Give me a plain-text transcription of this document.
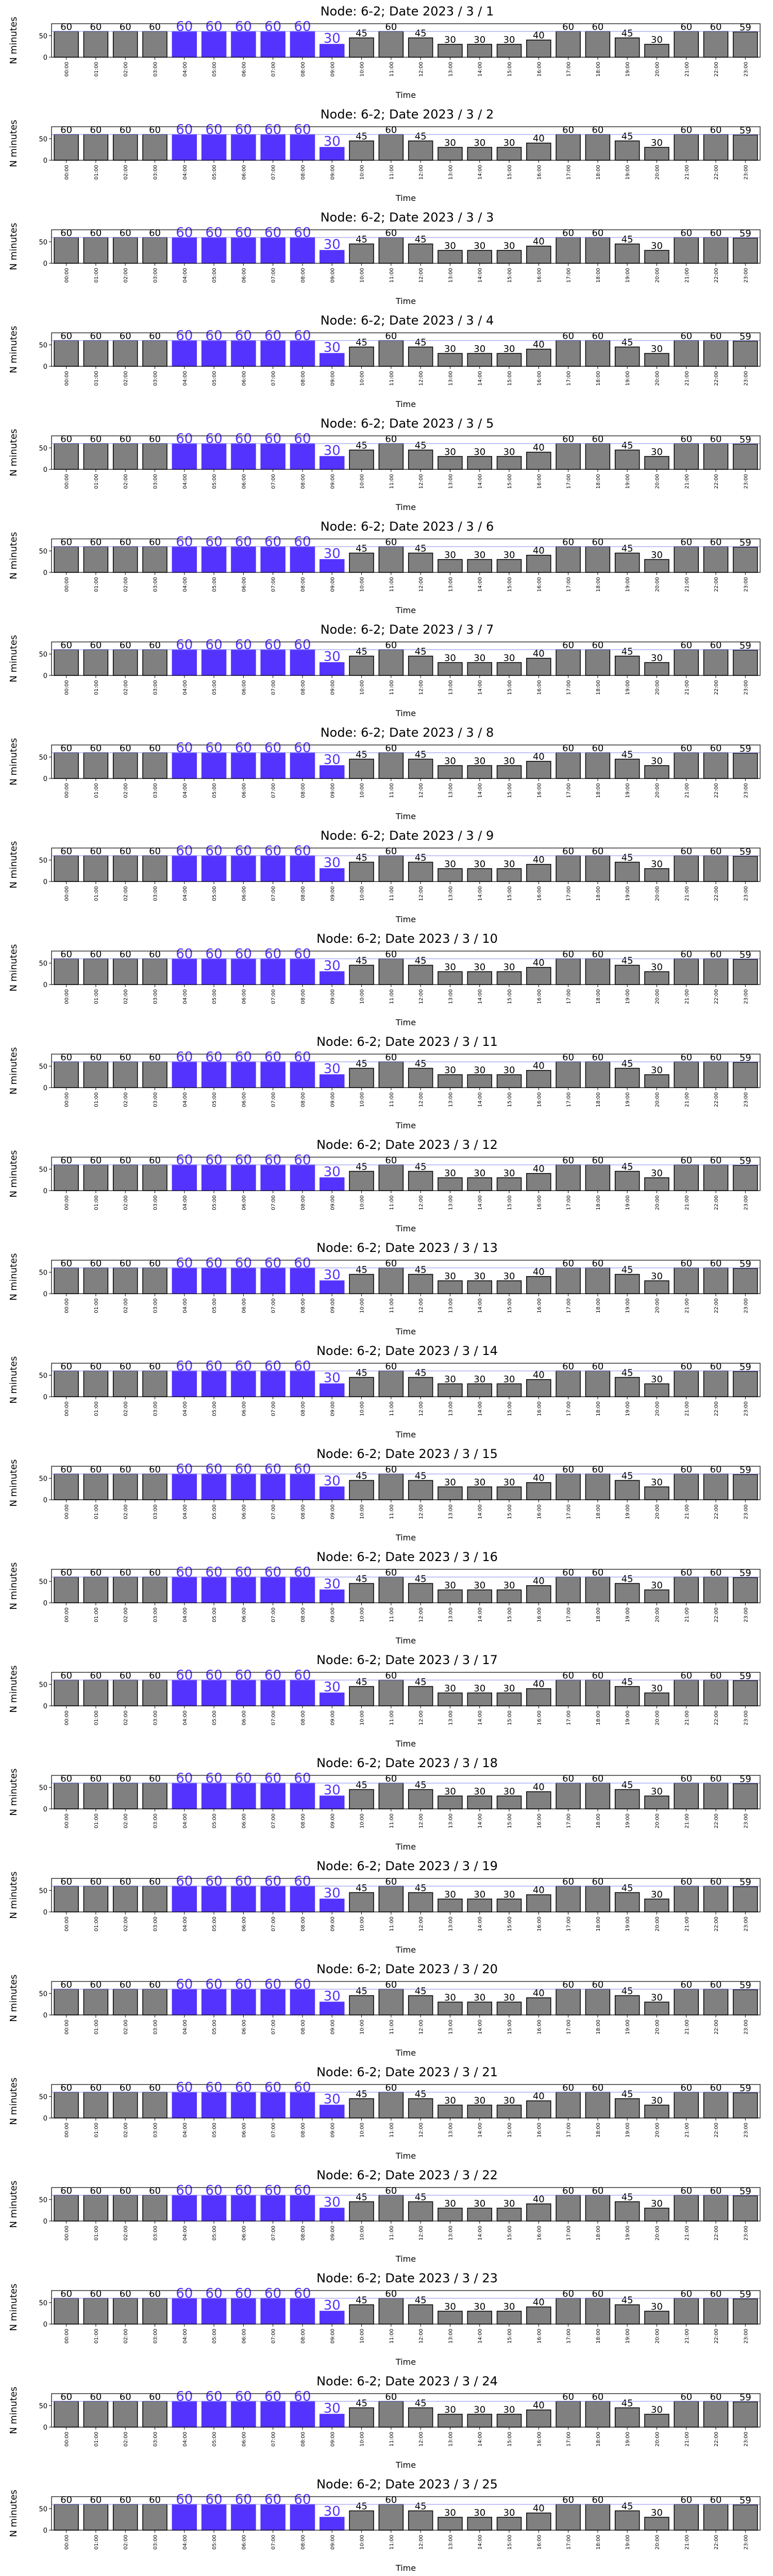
Node: 6-2; Date 2023 / 3 / 1
N minutes	0
50
60
00:00
60
01:00
60
02:00
60
03:00
60
04:00
60
05:00
60
06:00
60
07:00
60
08:00
30
09:00
45
10:00
60
11:00
45
12:00
30
13:00
30
14:00
30
15:00
40
16:00
60
17:00
60
18:00
45
19:00
30
20:00
60
21:00
60
22:00
59
23:00
Time
Node: 6-2; Date 2023 / 3 / 2
N minutes	0
50
60
00:00
60
01:00
60
02:00
60
03:00
60
04:00
60
05:00
60
06:00
60
07:00
60
08:00
30
09:00
45
10:00
60
11:00
45
12:00
30
13:00
30
14:00
30
15:00
40
16:00
60
17:00
60
18:00
45
19:00
30
20:00
60
21:00
60
22:00
59
23:00
Time
Node: 6-2; Date 2023 / 3 / 3
N minutes	0
50
60
00:00
60
01:00
60
02:00
60
03:00
60
04:00
60
05:00
60
06:00
60
07:00
60
08:00
30
09:00
45
10:00
60
11:00
45
12:00
30
13:00
30
14:00
30
15:00
40
16:00
60
17:00
60
18:00
45
19:00
30
20:00
60
21:00
60
22:00
59
23:00
Time
Node: 6-2; Date 2023 / 3 / 4
N minutes	0
50
60
00:00
60
01:00
60
02:00
60
03:00
60
04:00
60
05:00
60
06:00
60
07:00
60
08:00
30
09:00
45
10:00
60
11:00
45
12:00
30
13:00
30
14:00
30
15:00
40
16:00
60
17:00
60
18:00
45
19:00
30
20:00
60
21:00
60
22:00
59
23:00
Time
Node: 6-2; Date 2023 / 3 / 5
N minutes	0
50
60
00:00
60
01:00
60
02:00
60
03:00
60
04:00
60
05:00
60
06:00
60
07:00
60
08:00
30
09:00
45
10:00
60
11:00
45
12:00
30
13:00
30
14:00
30
15:00
40
16:00
60
17:00
60
18:00
45
19:00
30
20:00
60
21:00
60
22:00
59
23:00
Time
Node: 6-2; Date 2023 / 3 / 6
N minutes	0
50
60
00:00
60
01:00
60
02:00
60
03:00
60
04:00
60
05:00
60
06:00
60
07:00
60
08:00
30
09:00
45
10:00
60
11:00
45
12:00
30
13:00
30
14:00
30
15:00
40
16:00
60
17:00
60
18:00
45
19:00
30
20:00
60
21:00
60
22:00
59
23:00
Time
Node: 6-2; Date 2023 / 3 / 7
N minutes	0
50
60
00:00
60
01:00
60
02:00
60
03:00
60
04:00
60
05:00
60
06:00
60
07:00
60
08:00
30
09:00
45
10:00
60
11:00
45
12:00
30
13:00
30
14:00
30
15:00
40
16:00
60
17:00
60
18:00
45
19:00
30
20:00
60
21:00
60
22:00
59
23:00
Time
Node: 6-2; Date 2023 / 3 / 8
N minutes	0
50
60
00:00
60
01:00
60
02:00
60
03:00
60
04:00
60
05:00
60
06:00
60
07:00
60
08:00
30
09:00
45
10:00
60
11:00
45
12:00
30
13:00
30
14:00
30
15:00
40
16:00
60
17:00
60
18:00
45
19:00
30
20:00
60
21:00
60
22:00
59
23:00
Time
Node: 6-2; Date 2023 / 3 / 9
N minutes	0
50
60
00:00
60
01:00
60
02:00
60
03:00
60
04:00
60
05:00
60
06:00
60
07:00
60
08:00
30
09:00
45
10:00
60
11:00
45
12:00
30
13:00
30
14:00
30
15:00
40
16:00
60
17:00
60
18:00
45
19:00
30
20:00
60
21:00
60
22:00
59
23:00
Time
Node: 6-2; Date 2023 / 3 / 10
N minutes	0
50
60
00:00
60
01:00
60
02:00
60
03:00
60
04:00
60
05:00
60
06:00
60
07:00
60
08:00
30
09:00
45
10:00
60
11:00
45
12:00
30
13:00
30
14:00
30
15:00
40
16:00
60
17:00
60
18:00
45
19:00
30
20:00
60
21:00
60
22:00
59
23:00
Time
Node: 6-2; Date 2023 / 3 / 11
N minutes	0
50
60
00:00
60
01:00
60
02:00
60
03:00
60
04:00
60
05:00
60
06:00
60
07:00
60
08:00
30
09:00
45
10:00
60
11:00
45
12:00
30
13:00
30
14:00
30
15:00
40
16:00
60
17:00
60
18:00
45
19:00
30
20:00
60
21:00
60
22:00
59
23:00
Time
Node: 6-2; Date 2023 / 3 / 12
N minutes	0
50
60
00:00
60
01:00
60
02:00
60
03:00
60
04:00
60
05:00
60
06:00
60
07:00
60
08:00
30
09:00
45
10:00
60
11:00
45
12:00
30
13:00
30
14:00
30
15:00
40
16:00
60
17:00
60
18:00
45
19:00
30
20:00
60
21:00
60
22:00
59
23:00
Time
Node: 6-2; Date 2023 / 3 / 13
N minutes	0
50
60
00:00
60
01:00
60
02:00
60
03:00
60
04:00
60
05:00
60
06:00
60
07:00
60
08:00
30
09:00
45
10:00
60
11:00
45
12:00
30
13:00
30
14:00
30
15:00
40
16:00
60
17:00
60
18:00
45
19:00
30
20:00
60
21:00
60
22:00
59
23:00
Time
Node: 6-2; Date 2023 / 3 / 14
N minutes	0
50
60
00:00
60
01:00
60
02:00
60
03:00
60
04:00
60
05:00
60
06:00
60
07:00
60
08:00
30
09:00
45
10:00
60
11:00
45
12:00
30
13:00
30
14:00
30
15:00
40
16:00
60
17:00
60
18:00
45
19:00
30
20:00
60
21:00
60
22:00
59
23:00
Time
Node: 6-2; Date 2023 / 3 / 15
N minutes	0
50
60
00:00
60
01:00
60
02:00
60
03:00
60
04:00
60
05:00
60
06:00
60
07:00
60
08:00
30
09:00
45
10:00
60
11:00
45
12:00
30
13:00
30
14:00
30
15:00
40
16:00
60
17:00
60
18:00
45
19:00
30
20:00
60
21:00
60
22:00
59
23:00
Time
Node: 6-2; Date 2023 / 3 / 16
N minutes	0
50
60
00:00
60
01:00
60
02:00
60
03:00
60
04:00
60
05:00
60
06:00
60
07:00
60
08:00
30
09:00
45
10:00
60
11:00
45
12:00
30
13:00
30
14:00
30
15:00
40
16:00
60
17:00
60
18:00
45
19:00
30
20:00
60
21:00
60
22:00
59
23:00
Time
Node: 6-2; Date 2023 / 3 / 17
N minutes	0
50
60
00:00
60
01:00
60
02:00
60
03:00
60
04:00
60
05:00
60
06:00
60
07:00
60
08:00
30
09:00
45
10:00
60
11:00
45
12:00
30
13:00
30
14:00
30
15:00
40
16:00
60
17:00
60
18:00
45
19:00
30
20:00
60
21:00
60
22:00
59
23:00
Time
Node: 6-2; Date 2023 / 3 / 18
N minutes	0
50
60
00:00
60
01:00
60
02:00
60
03:00
60
04:00
60
05:00
60
06:00
60
07:00
60
08:00
30
09:00
45
10:00
60
11:00
45
12:00
30
13:00
30
14:00
30
15:00
40
16:00
60
17:00
60
18:00
45
19:00
30
20:00
60
21:00
60
22:00
59
23:00
Time
Node: 6-2; Date 2023 / 3 / 19
N minutes	0
50
60
00:00
60
01:00
60
02:00
60
03:00
60
04:00
60
05:00
60
06:00
60
07:00
60
08:00
30
09:00
45
10:00
60
11:00
45
12:00
30
13:00
30
14:00
30
15:00
40
16:00
60
17:00
60
18:00
45
19:00
30
20:00
60
21:00
60
22:00
59
23:00
Time
Node: 6-2; Date 2023 / 3 / 20
N minutes	0
50
60
00:00
60
01:00
60
02:00
60
03:00
60
04:00
60
05:00
60
06:00
60
07:00
60
08:00
30
09:00
45
10:00
60
11:00
45
12:00
30
13:00
30
14:00
30
15:00
40
16:00
60
17:00
60
18:00
45
19:00
30
20:00
60
21:00
60
22:00
59
23:00
Time
Node: 6-2; Date 2023 / 3 / 21
N minutes	0
50
60
00:00
60
01:00
60
02:00
60
03:00
60
04:00
60
05:00
60
06:00
60
07:00
60
08:00
30
09:00
45
10:00
60
11:00
45
12:00
30
13:00
30
14:00
30
15:00
40
16:00
60
17:00
60
18:00
45
19:00
30
20:00
60
21:00
60
22:00
59
23:00
Time
Node: 6-2; Date 2023 / 3 / 22
N minutes	0
50
60
00:00
60
01:00
60
02:00
60
03:00
60
04:00
60
05:00
60
06:00
60
07:00
60
08:00
30
09:00
45
10:00
60
11:00
45
12:00
30
13:00
30
14:00
30
15:00
40
16:00
60
17:00
60
18:00
45
19:00
30
20:00
60
21:00
60
22:00
59
23:00
Time
Node: 6-2; Date 2023 / 3 / 23
N minutes	0
50
60
00:00
60
01:00
60
02:00
60
03:00
60
04:00
60
05:00
60
06:00
60
07:00
60
08:00
30
09:00
45
10:00
60
11:00
45
12:00
30
13:00
30
14:00
30
15:00
40
16:00
60
17:00
60
18:00
45
19:00
30
20:00
60
21:00
60
22:00
59
23:00
Time
Node: 6-2; Date 2023 / 3 / 24
N minutes	0
50
60
00:00
60
01:00
60
02:00
60
03:00
60
04:00
60
05:00
60
06:00
60
07:00
60
08:00
30
09:00
45
10:00
60
11:00
45
12:00
30
13:00
30
14:00
30
15:00
40
16:00
60
17:00
60
18:00
45
19:00
30
20:00
60
21:00
60
22:00
59
23:00
Time
Node: 6-2; Date 2023 / 3 / 25
N minutes	0
50
60
00:00
60
01:00
60
02:00
60
03:00
60
04:00
60
05:00
60
06:00
60
07:00
60
08:00
30
09:00
45
10:00
60
11:00
45
12:00
30
13:00
30
14:00
30
15:00
40
16:00
60
17:00
60
18:00
45
19:00
30
20:00
60
21:00
60
22:00
59
23:00
Time
